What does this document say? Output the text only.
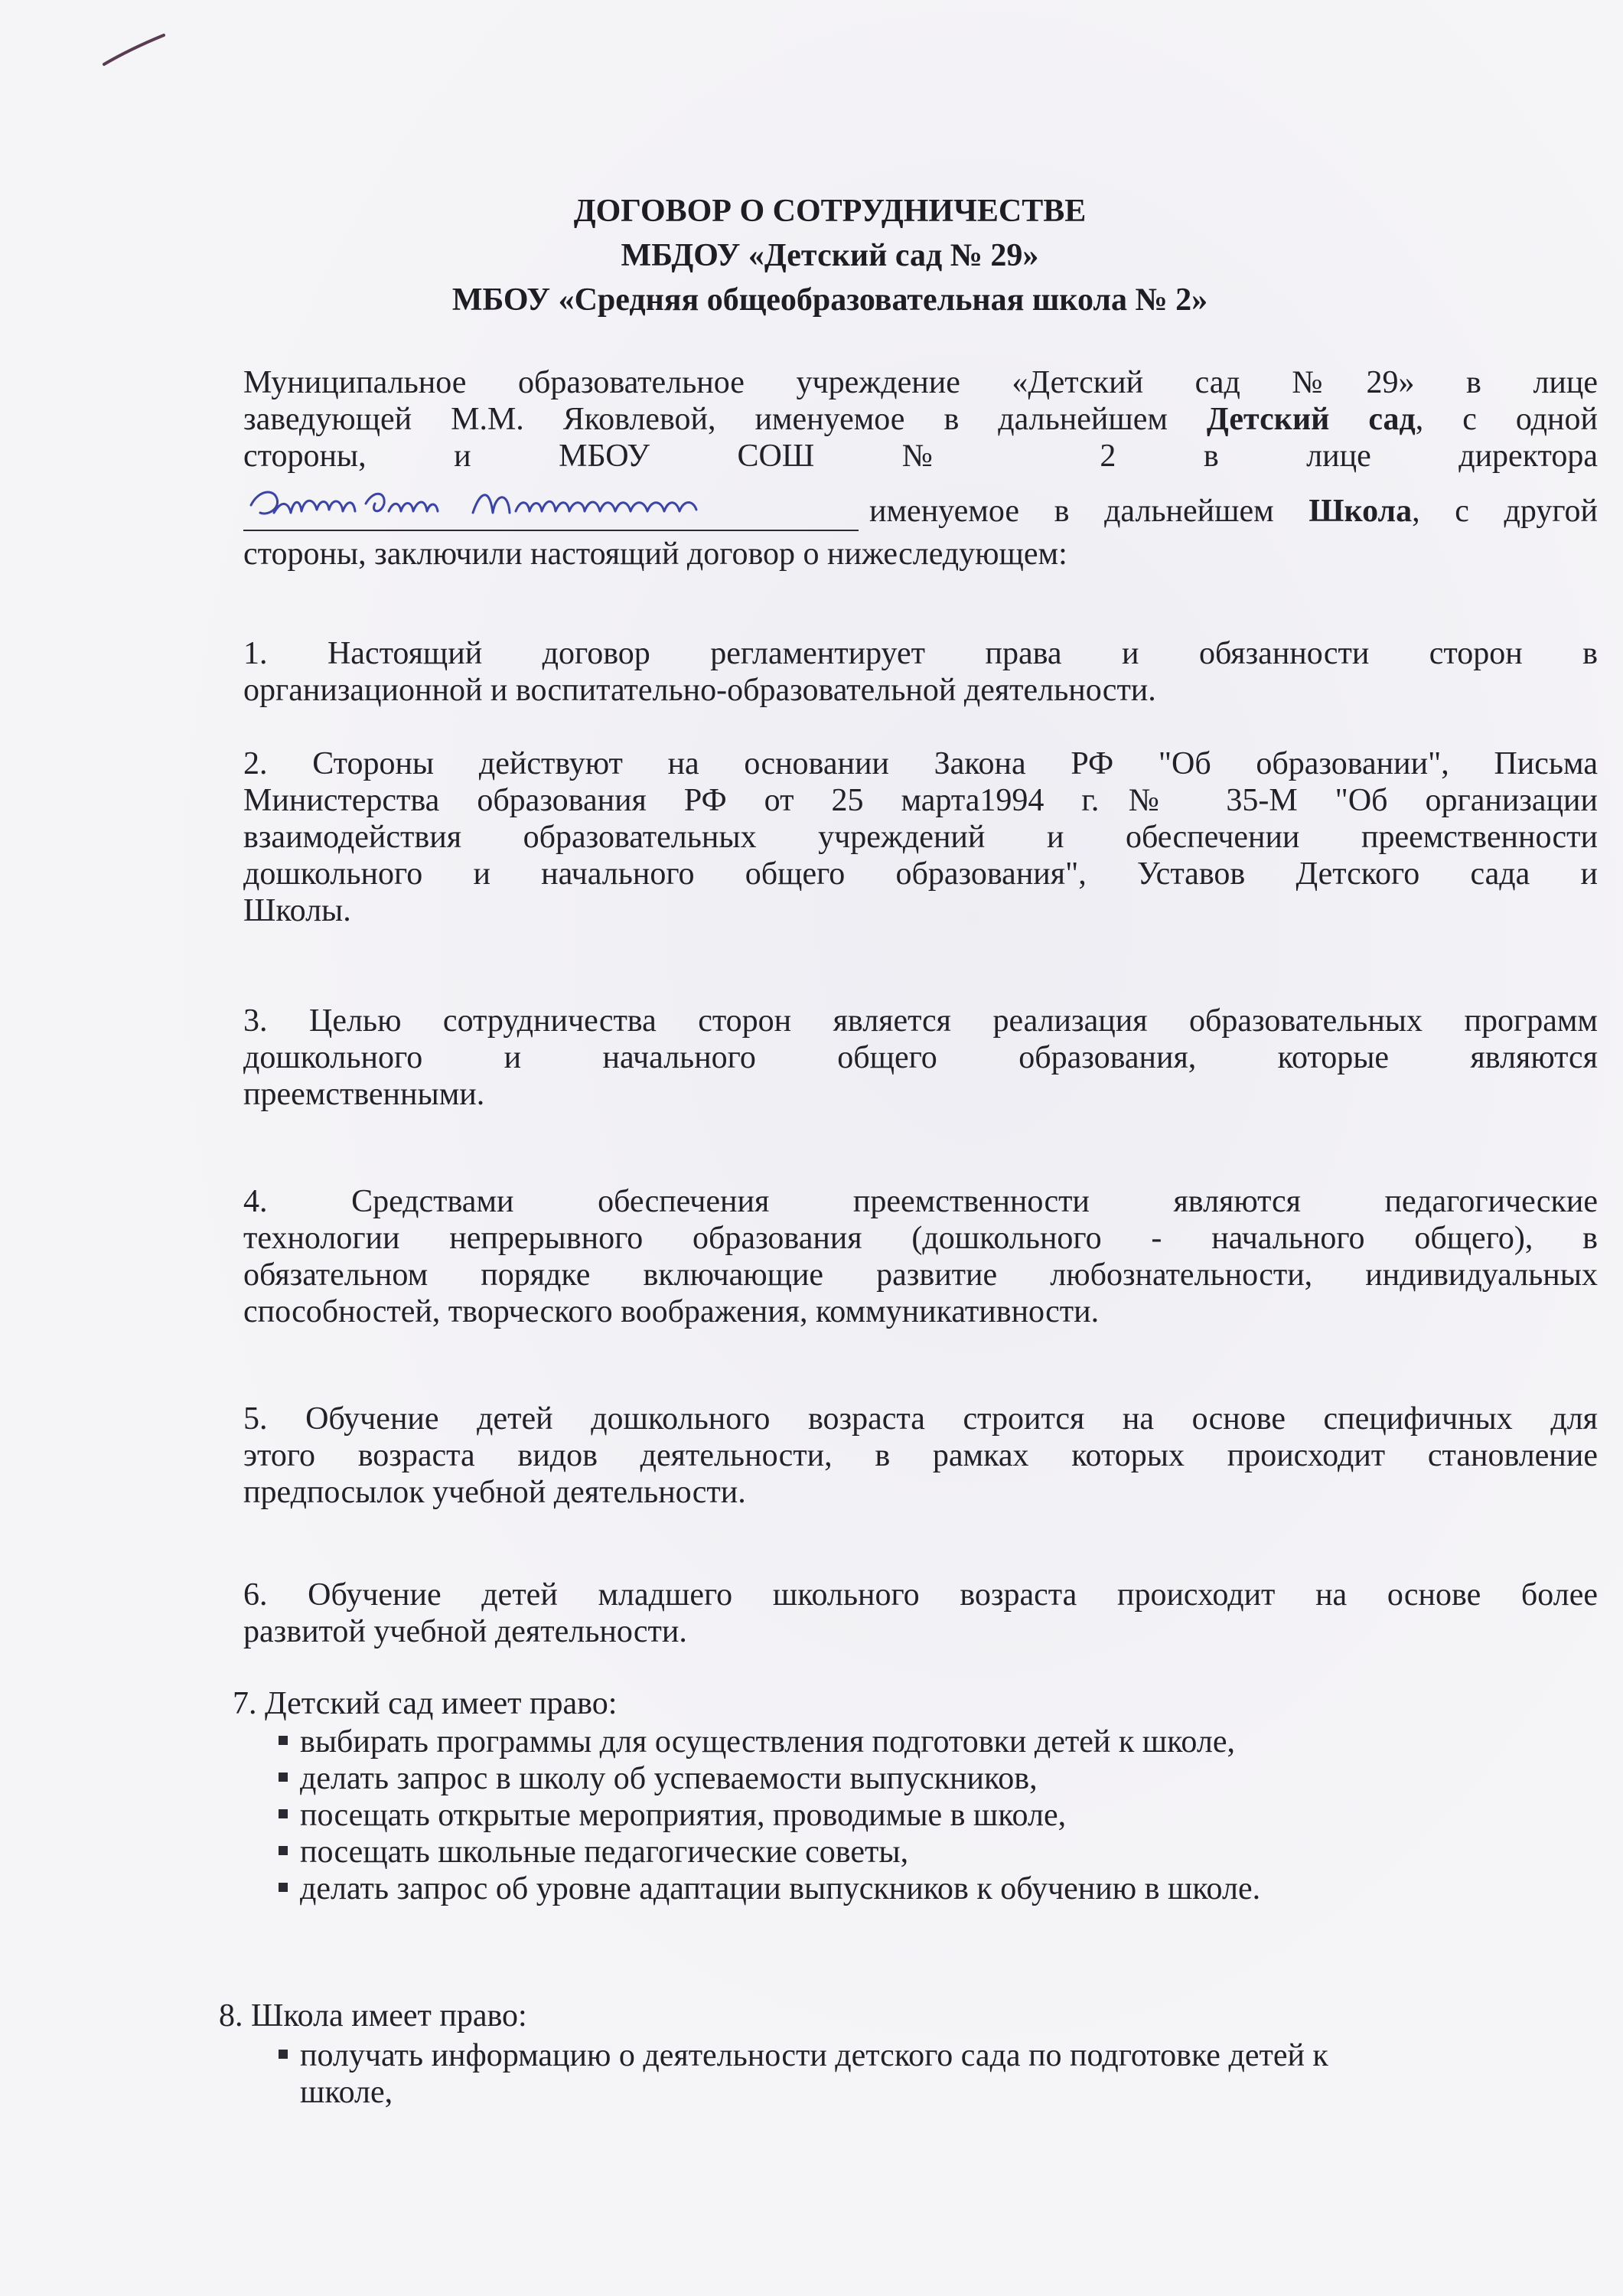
ДОГОВОР О СОТРУДНИЧЕСТВЕ
МБДОУ «Детский сад № 29»
МБОУ «Средняя общеобразовательная школа № 2»
Муниципальное образовательное учреждение «Детский сад №29» в лице
заведующей М.М. Яковлевой, именуемое в дальнейшем Детский сад, с одной
стороны, и МБОУ СОШ № 2 в лице директора
именуемое в дальнейшем Школа, с другой
стороны, заключили настоящий договор о нижеследующем:
1. Настоящий договор регламентирует права и обязанности сторон в
организационной и воспитательно-образовательной деятельности.
2. Стороны действуют на основании Закона РФ "Об образовании", Письма
Министерства образования РФ от 25 марта1994 г.№ 35-М "Об организации
взаимодействия образовательных учреждений и обеспечении преемственности
дошкольного и начального общего образования", Уставов Детского сада и
Школы.
3. Целью сотрудничества сторон является реализация образовательных программ
дошкольного и начального общего образования, которые являются
преемственными.
4. Средствами обеспечения преемственности являются педагогические
технологии непрерывного образования (дошкольного - начального общего), в
обязательном порядке включающие развитие любознательности, индивидуальных
способностей, творческого воображения, коммуникативности.
5. Обучение детей дошкольного возраста строится на основе специфичных для
этого возраста видов деятельности, в рамках которых происходит становление
предпосылок учебной деятельности.
6. Обучение детей младшего школьного возраста происходит на основе более
развитой учебной деятельности.
7. Детский сад имеет право:
выбирать программы для осуществления подготовки детей к школе,
делать запрос в школу об успеваемости выпускников,
посещать открытые мероприятия, проводимые в школе,
посещать школьные педагогические советы,
делать запрос об уровне адаптации выпускников к обучению в школе.
8. Школа имеет право:
получать информацию о деятельности детского сада по подготовке детей к
школе,
